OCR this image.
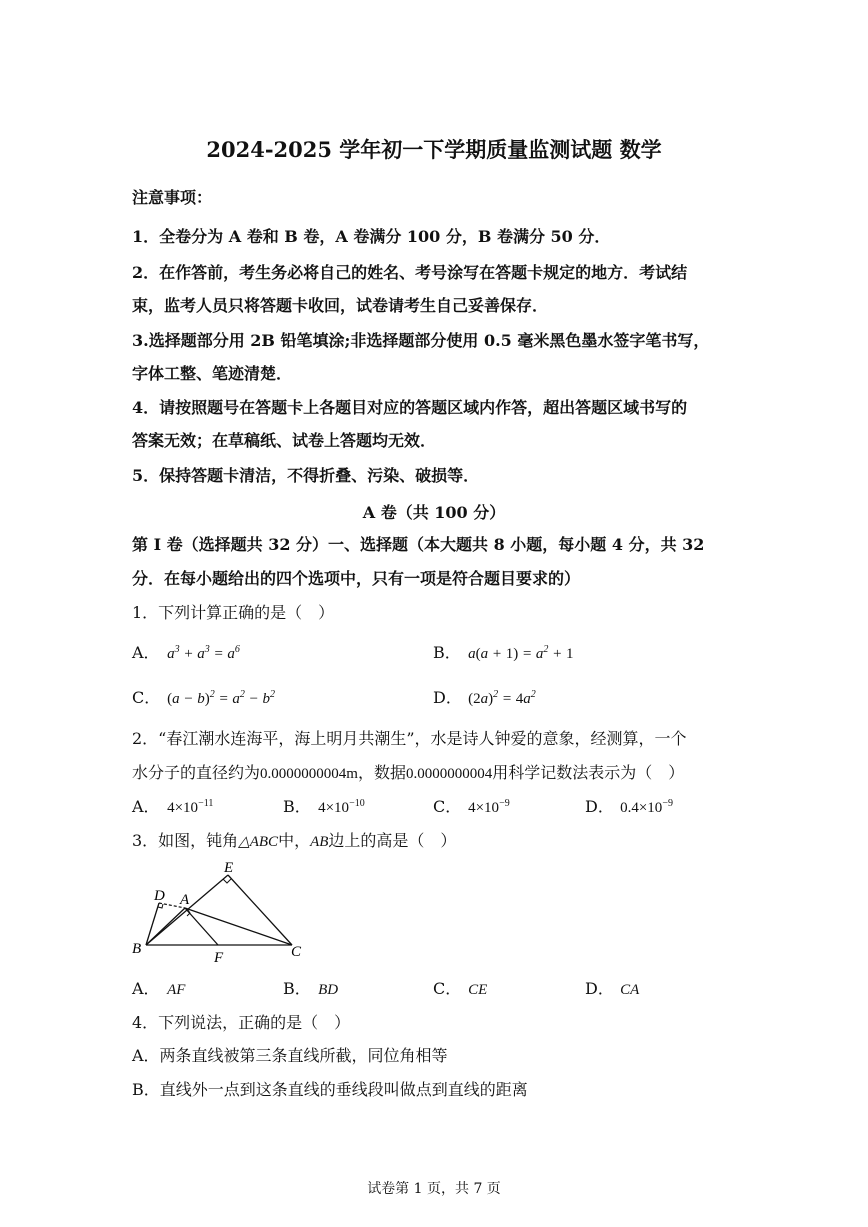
2024-2025 学年初一下学期质量监测试题 数学
注意事项：
1．全卷分为 A 卷和 B 卷，A 卷满分 100 分，B 卷满分 50 分．
2．在作答前，考生务必将自己的姓名、考号涂写在答题卡规定的地方．考试结
束，监考人员只将答题卡收回，试卷请考生自己妥善保存．
3.选择题部分用 2B 铅笔填涂;非选择题部分使用 0.5 毫米黑色墨水签字笔书写，
字体工整、笔迹清楚．
4．请按照题号在答题卡上各题目对应的答题区域内作答，超出答题区域书写的
答案无效；在草稿纸、试卷上答题均无效．
5．保持答题卡清洁，不得折叠、污染、破损等．
A 卷（共 100 分）
第 I 卷（选择题共 32 分）一、选择题（本大题共 8 小题，每小题 4 分，共 32
分．在每小题给出的四个选项中，只有一项是符合题目要求的）
1．下列计算正确的是（　）
A． $a^3 + a^3 = a^6$	B． $a(a + 1) = a^2 + 1$
C． $(a - b)^2 = a^2 - b^2$	D． $(2a)^2 = 4a^2$
2．“春江潮水连海平，海上明月共潮生”，水是诗人钟爱的意象，经测算，一个
水分子的直径约为0.0000000004m，数据0.0000000004用科学记数法表示为（　）
A． $4\times 10^{-11}$	B． $4\times 10^{-10}$	C． $4\times 10^{-9}$	D． $0.4\times 10^{-9}$
3．如图，钝角△ABC中，AB边上的高是（　）
E
D A
B	C
F
A． AF	B． BD	C． CE	D． CA
4．下列说法，正确的是（　）
A．两条直线被第三条直线所截，同位角相等
B．直线外一点到这条直线的垂线段叫做点到直线的距离
试卷第 1 页，共 7 页
